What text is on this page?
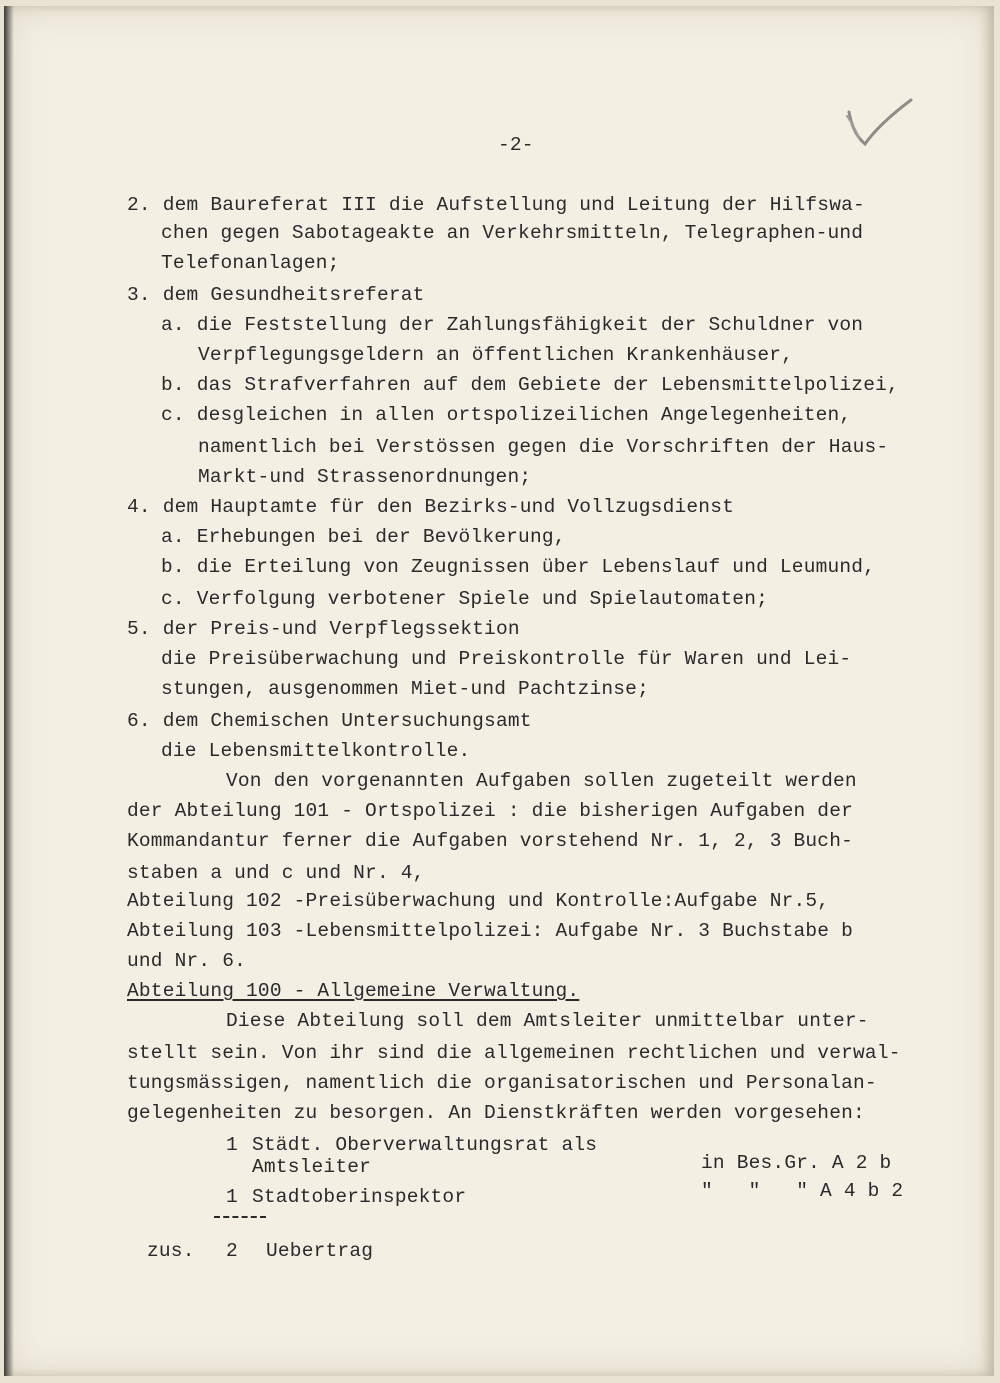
-2-
2. dem Baureferat III die Aufstellung und Leitung der Hilfswa-
chen gegen Sabotageakte an Verkehrsmitteln, Telegraphen-und
Telefonanlagen;
3. dem Gesundheitsreferat
a. die Feststellung der Zahlungsfähigkeit der Schuldner von
Verpflegungsgeldern an öffentlichen Krankenhäuser,
b. das Strafverfahren auf dem Gebiete der Lebensmittelpolizei,
c. desgleichen in allen ortspolizeilichen Angelegenheiten,
namentlich bei Verstössen gegen die Vorschriften der Haus-
Markt-und Strassenordnungen;
4. dem Hauptamte für den Bezirks-und Vollzugsdienst
a. Erhebungen bei der Bevölkerung,
b. die Erteilung von Zeugnissen über Lebenslauf und Leumund,
c. Verfolgung verbotener Spiele und Spielautomaten;
5. der Preis-und Verpflegssektion
die Preisüberwachung und Preiskontrolle für Waren und Lei-
stungen, ausgenommen Miet-und Pachtzinse;
6. dem Chemischen Untersuchungsamt
die Lebensmittelkontrolle.
Von den vorgenannten Aufgaben sollen zugeteilt werden
der Abteilung 101 - Ortspolizei : die bisherigen Aufgaben der
Kommandantur ferner die Aufgaben vorstehend Nr. 1, 2, 3 Buch-
staben a und c und Nr. 4,
Abteilung 102 -Preisüberwachung und Kontrolle:Aufgabe Nr.5,
Abteilung 103 -Lebensmittelpolizei: Aufgabe Nr. 3 Buchstabe b
und Nr. 6.
Abteilung 100 - Allgemeine Verwaltung.
Diese Abteilung soll dem Amtsleiter unmittelbar unter-
stellt sein. Von ihr sind die allgemeinen rechtlichen und verwal-
tungsmässigen, namentlich die organisatorischen und Personalan-
gelegenheiten zu besorgen. An Dienstkräften werden vorgesehen:
1 Städt. Oberverwaltungsrat als
Amtsleiter	in Bes.Gr. A 2 b
1 Stadtoberinspektor	"   "   " A 4 b 2
zus. 2 Uebertrag
